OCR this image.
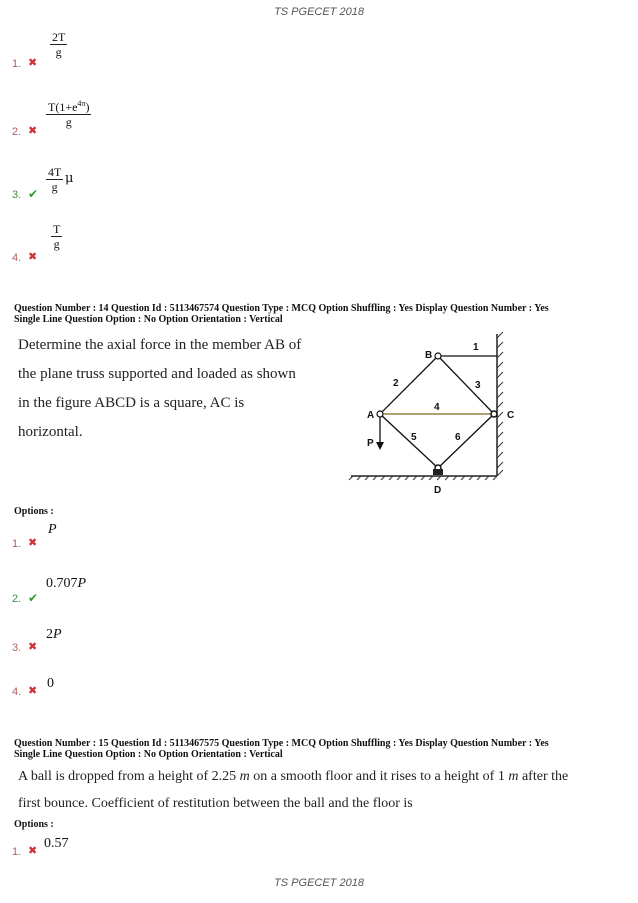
TS PGECET 2018
1. ✖
$\frac{2T}{g}$
2. ✖
$\frac{T(1+e^{4\pi})}{g}$
3. ✔ $\frac{4T}{g}$ μ
4. ✖
$\frac{T}{g}$
Question Number : 14 Question Id : 5113467574 Question Type : MCQ Option Shuffling : Yes Display Question Number : Yes
Single Line Question Option : No Option Orientation : Vertical
Determine the axial force in the member AB of
the plane truss supported and loaded as shown
in the figure ABCD is a square, AC is
horizontal.
A
B
C
D
P
1
2	3
4
5	6
Options :
1. ✖
P
2. ✔
0.707P
3. ✖
2P
4. ✖ 0
Question Number : 15 Question Id : 5113467575 Question Type : MCQ Option Shuffling : Yes Display Question Number : Yes
Single Line Question Option : No Option Orientation : Vertical
A ball is dropped from a height of 2.25 m on a smooth floor and it rises to a height of 1 m after the
first bounce. Coefficient of restitution between the ball and the floor is
Options :
1. ✖ 0.57
TS PGECET 2018
